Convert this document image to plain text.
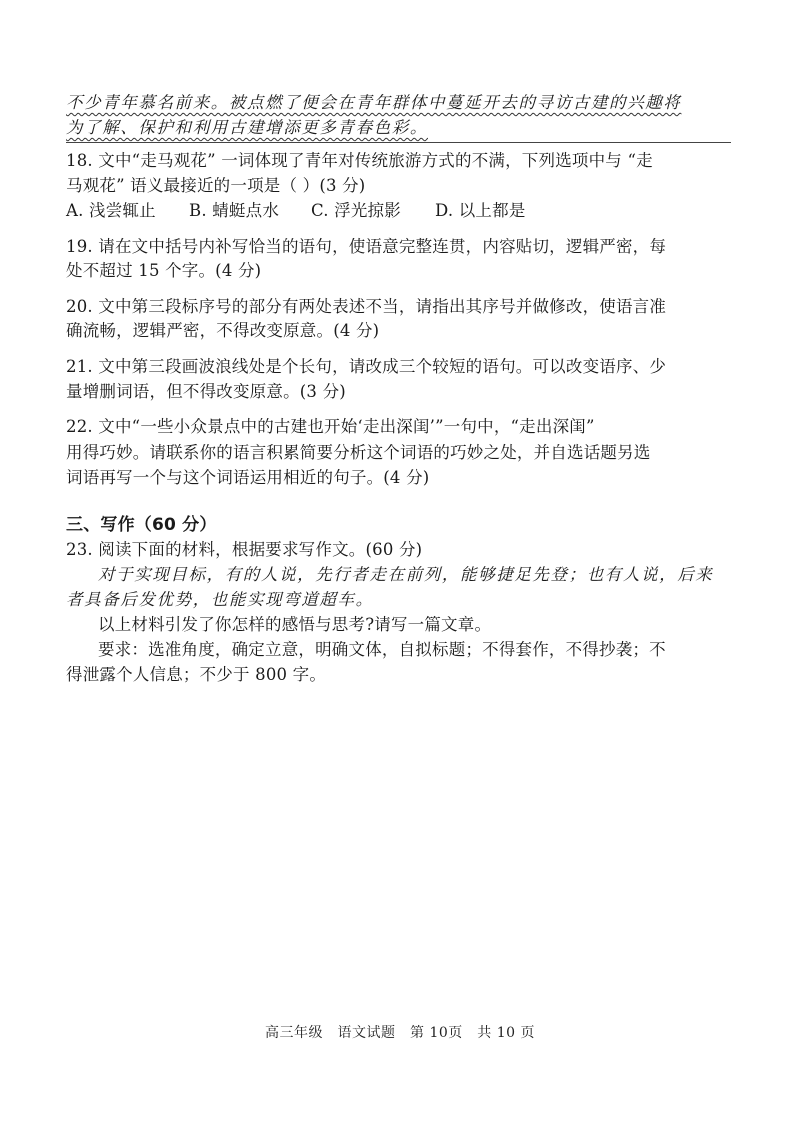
不少青年慕名前来。被点燃了便会在青年群体中蔓延开去的寻访古建的兴趣将
为了解、保护和利用古建增添更多青春色彩。
18. 文中“走马观花” 一词体现了青年对传统旅游方式的不满，下列选项中与 “走
马观花” 语义最接近的一项是（ ）(3 分)
A. 浅尝辄止 B. 蜻蜓点水 C. 浮光掠影 D. 以上都是
19. 请在文中括号内补写恰当的语句，使语意完整连贯，内容贴切，逻辑严密，每
处不超过 15 个字。(4 分)
20. 文中第三段标序号的部分有两处表述不当，请指出其序号并做修改，使语言准
确流畅，逻辑严密，不得改变原意。(4 分)
21. 文中第三段画波浪线处是个长句，请改成三个较短的语句。可以改变语序、少
量增删词语，但不得改变原意。(3 分)
22. 文中“一些小众景点中的古建也开始‘走出深闺’”一句中，“走出深闺”
用得巧妙。请联系你的语言积累简要分析这个词语的巧妙之处，并自选话题另选
词语再写一个与这个词语运用相近的句子。(4 分)
三、写作（60 分）
23. 阅读下面的材料，根据要求写作文。(60 分)
对于实现目标，有的人说，先行者走在前列，能够捷足先登；也有人说，后来
者具备后发优势，也能实现弯道超车。
以上材料引发了你怎样的感悟与思考?请写一篇文章。
要求：选准角度，确定立意，明确文体，自拟标题；不得套作，不得抄袭；不
得泄露个人信息；不少于 800 字。
高三年级　语文试题　第 10页　共 10 页
